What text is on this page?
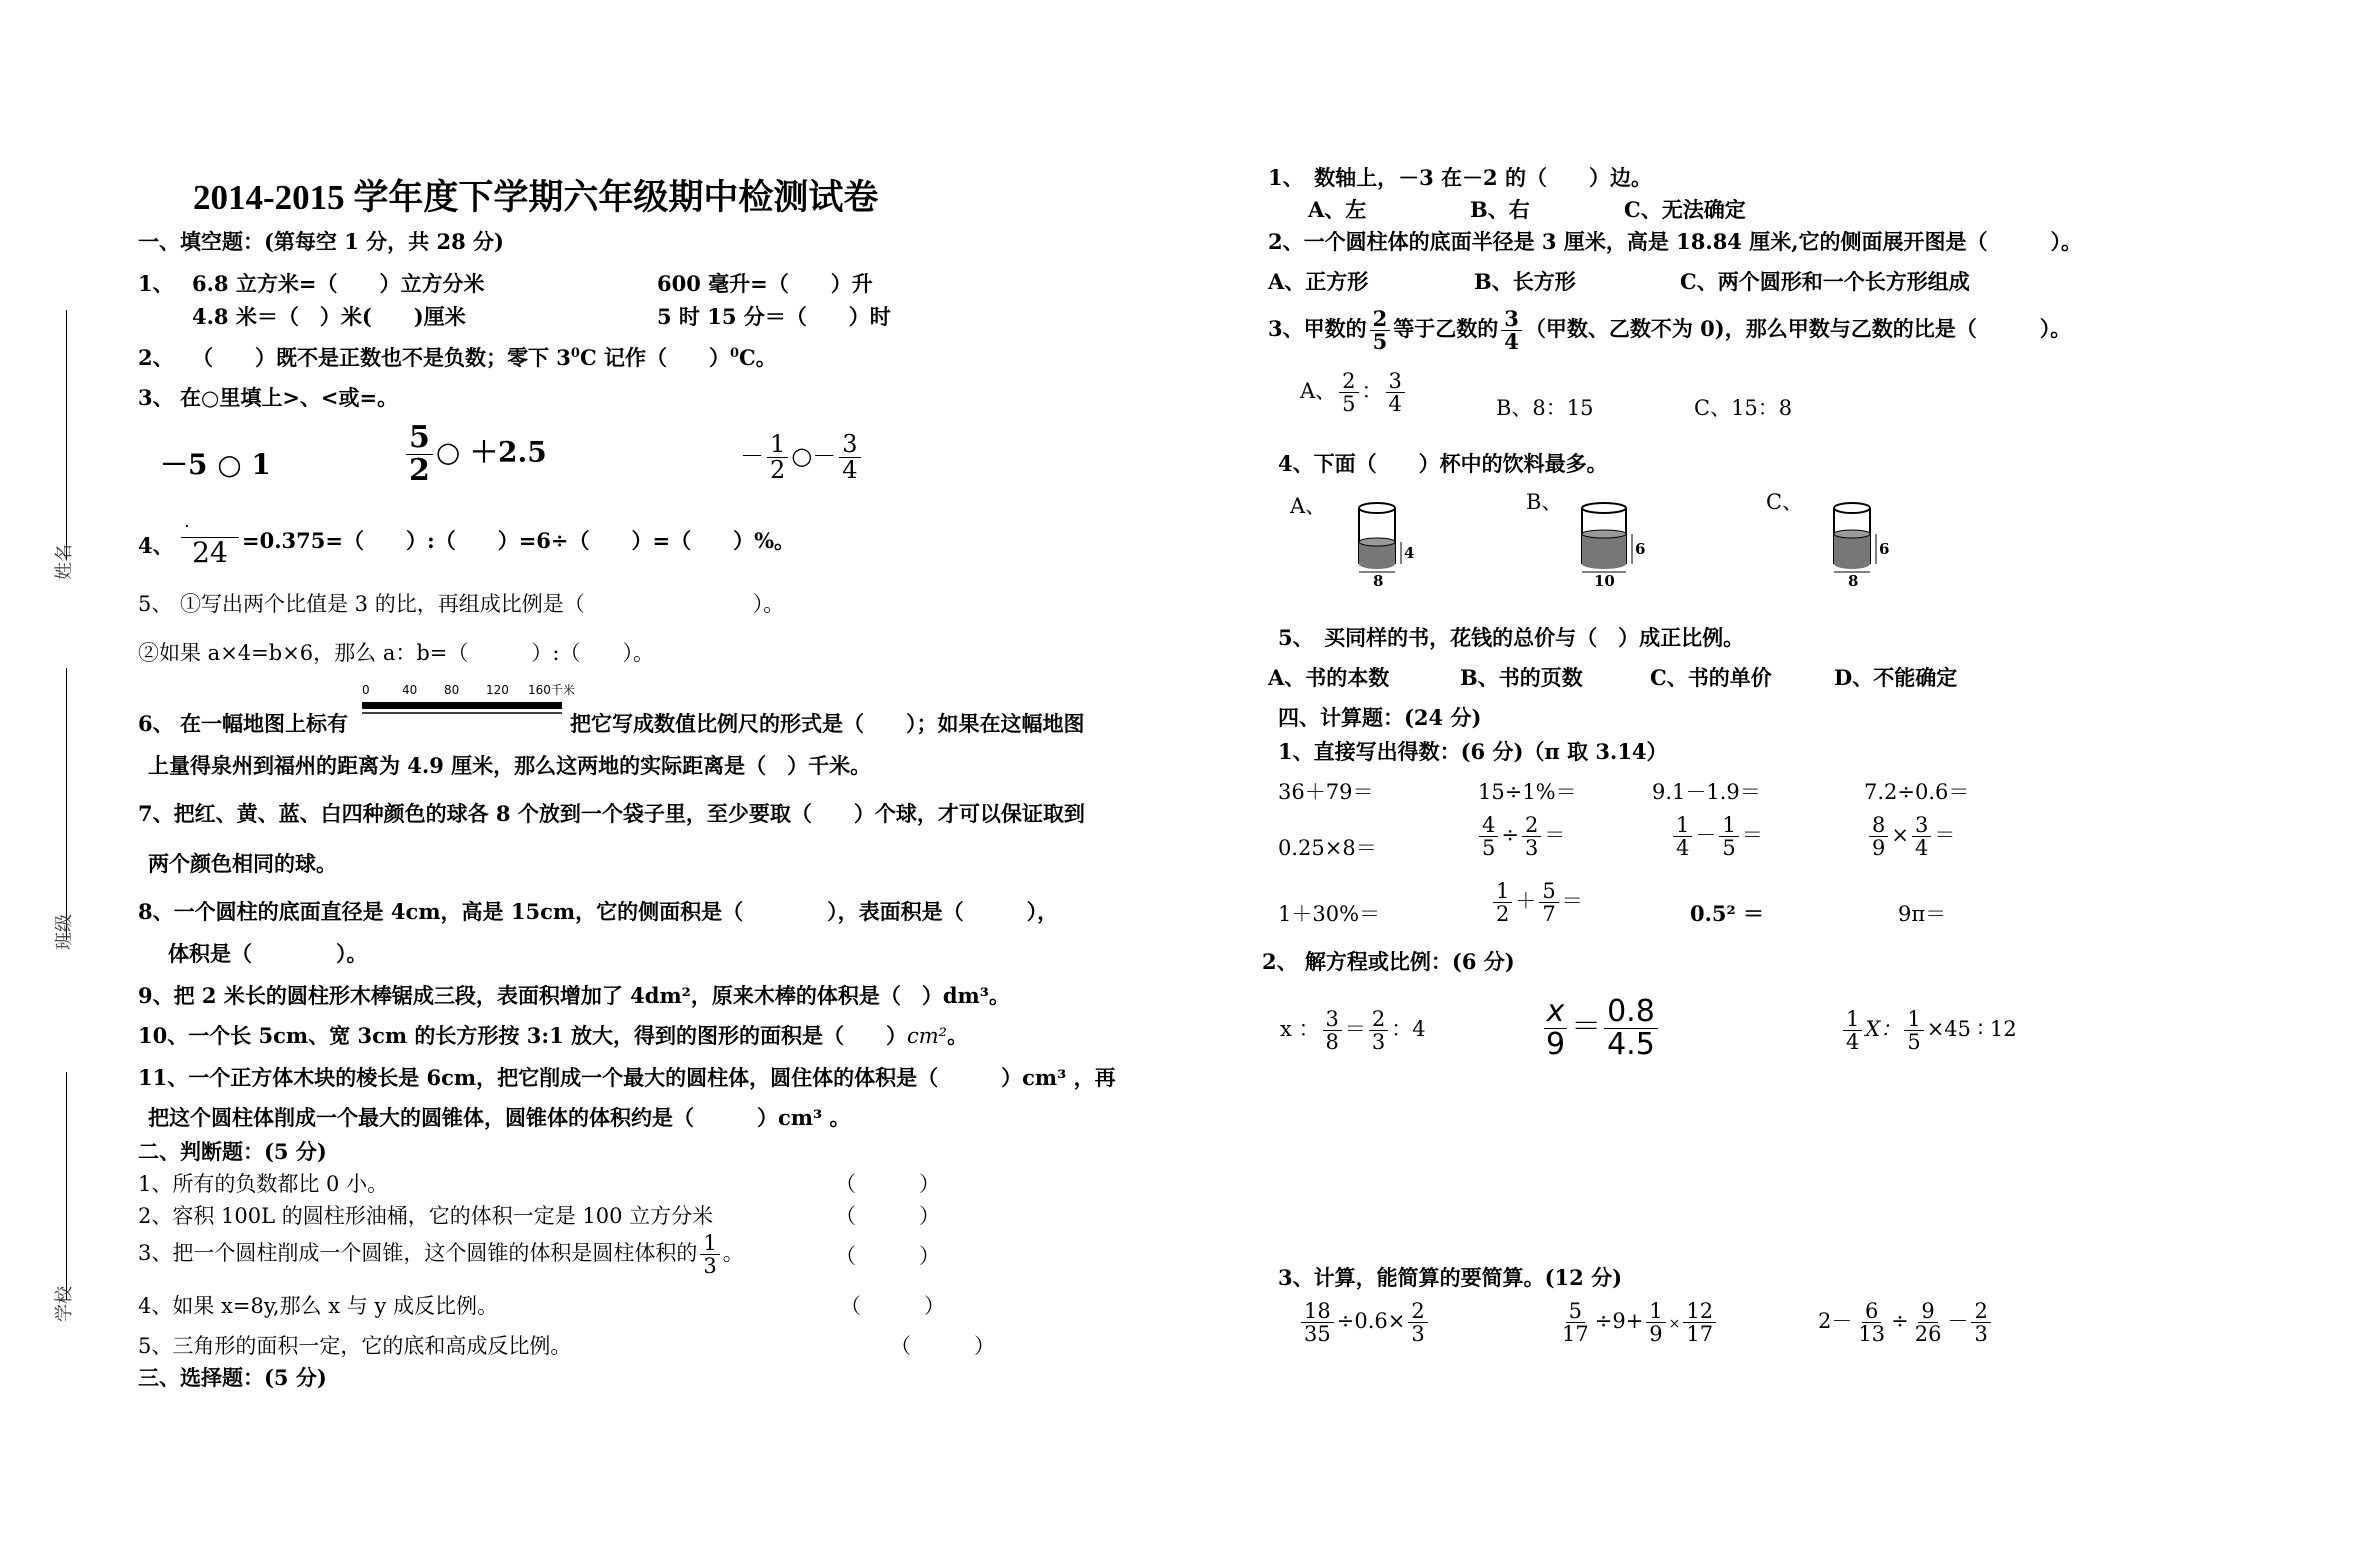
姓名
班级
学校
2014-2015 学年度下学期六年级期中检测试卷
一、填空题：(第每空 1 分，共 28 分)
1、 6.8 立方米=（　　）立方分米	600 毫升=（　　）升
4.8 米＝（　）米(　　)厘米	5 时 15 分＝（　　）时
2、 （　　）既不是正数也不是负数；零下 $3^0C$ 记作（　　）$^0$C。
3、 在○里填上>、<或=。
－5 ○ 1	$\frac{5}{2}$ ○ ＋2.5	－ $\frac{1}{2}$ ○－ $\frac{3}{4}$
4、 $\frac{\cdot}{24} =0.375=$（　　）:（　　）=6÷（　　）=（　　）%。
5、 ①写出两个比值是 3 的比，再组成比例是（　　　　　　　　）。
②如果 a×4=b×6，那么 a：b=（　　　）:（　　）。
0	40 80 120 160千米
6、 在一幅地图上标有	把它写成数值比例尺的形式是（　　）；如果在这幅地图
上量得泉州到福州的距离为 4.9 厘米，那么这两地的实际距离是（　）千米。
7、把红、黄、蓝、白四种颜色的球各 8 个放到一个袋子里，至少要取（　　）个球，才可以保证取到
两个颜色相同的球。
8、一个圆柱的底面直径是 4cm，高是 15cm，它的侧面积是（　　　　），表面积是（　　　），
体积是（　　　　）。
9、把 2 米长的圆柱形木棒锯成三段，表面积增加了 4dm²，原来木棒的体积是（　）dm³。
10、一个长 5cm、宽 3cm 的长方形按 3:1 放大，得到的图形的面积是（　　）cm²。
11、一个正方体木块的棱长是 6cm，把它削成一个最大的圆柱体，圆住体的体积是（　　　）cm³ ，再
把这个圆柱体削成一个最大的圆锥体，圆锥体的体积约是（　　　）cm³ 。
二、判断题：(5 分)
1、所有的负数都比 0 小。	（　　　）
2、容积 100L 的圆柱形油桶，它的体积一定是 100 立方分米	（　　　）
3、把一个圆柱削成一个圆锥，这个圆锥的体积是圆柱体积的 $\frac{1}{3}$ 。	（　　　）
4、如果 x=8y,那么 x 与 y 成反比例。	（　　　）
5、三角形的面积一定，它的底和高成反比例。	（　　　）
三、选择题：(5 分)
1、　数轴上，－3 在－2 的（　　）边。
A、左	B、右	C、无法确定
2、一个圆柱体的底面半径是 3 厘米，高是 18.84 厘米,它的侧面展开图是（　　　）。
A、正方形	B、长方形	C、两个圆形和一个长方形组成
3、甲数的 $\frac{2}{5}$ 等于乙数的 $\frac{3}{4}$ （甲数、乙数不为 0)，那么甲数与乙数的比是（　　　）。
A、 $\frac{2}{5}$ ： $\frac{3}{4}$	B、8：15	C、15：8
4、下面（　　）杯中的饮料最多。
A、	B、	C、
4
8
6
10
6
8
5、　买同样的书，花钱的总价与（　）成正比例。
A、书的本数	B、书的页数	C、书的单价	D、不能确定
四、计算题：(24 分)
1、直接写出得数：(6 分)（π 取 3.14）
36＋79＝	15÷1%＝	9.1－1.9＝	7.2÷0.6＝
0.25×8＝	$\frac{4}{5} \div \frac{2}{3}$ ＝	$\frac{1}{4} - \frac{1}{5}$ ＝	$\frac{8}{9} \times \frac{3}{4}$ ＝
1＋30%＝	$\frac{1}{2} + \frac{5}{7}$ ＝	0.5² ＝	9π＝
2、 解方程或比例：(6 分)
x ： $\frac{3}{8} = \frac{2}{3}$ ：4	$\frac{x}{9} = \frac{0.8}{4.5}$	$\frac{1}{4}$ X： $\frac{1}{5} \times 45$ ∶ 12
3、计算，能简算的要简算。(12 分)
$\frac{18}{35} \div 0.6\times \frac{2}{3}$	$\frac{5}{17} \div 9+ \frac{1}{9} \times \frac{12}{17}$	$2- \frac{6}{13} \div \frac{9}{26} - \frac{2}{3}$
